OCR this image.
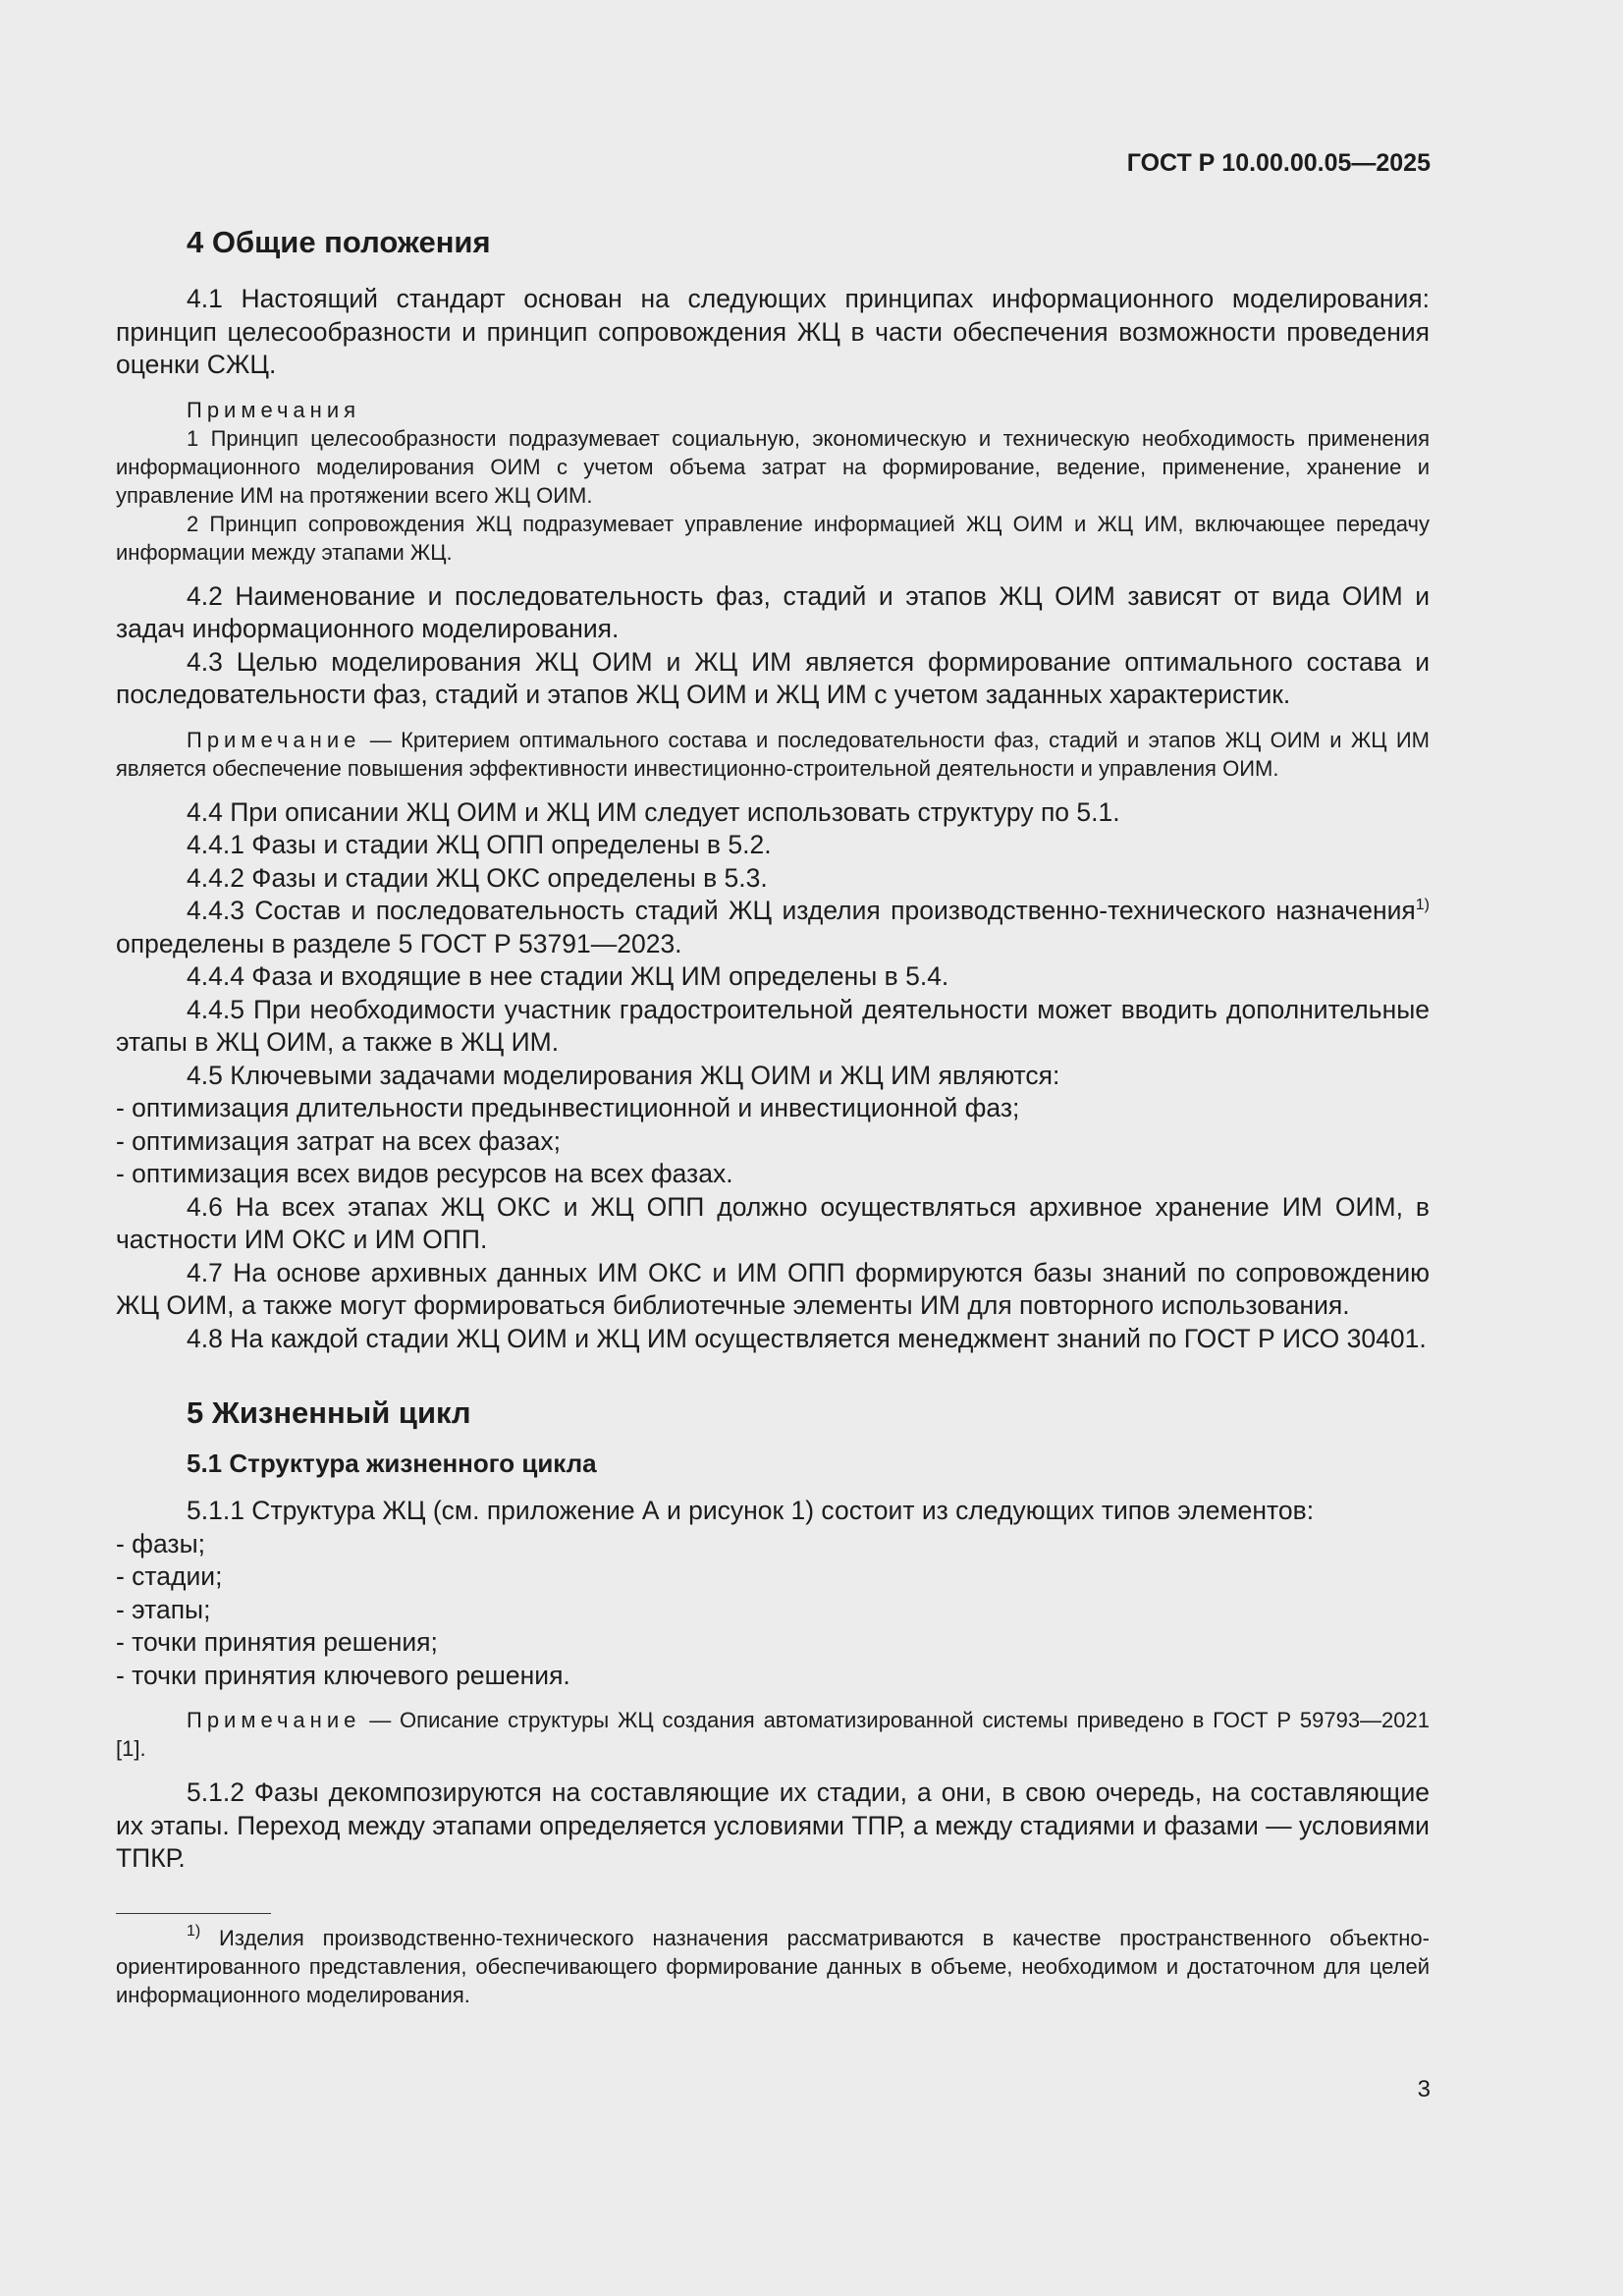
ГОСТ Р 10.00.00.05—2025
4 Общие положения

4.1 Настоящий стандарт основан на следующих принципах информационного моделирования: принцип целесообразности и принцип сопровождения ЖЦ в части обеспечения возможности проведения оценки СЖЦ.

Примечания

1 Принцип целесообразности подразумевает социальную, экономическую и техническую необходимость применения информационного моделирования ОИМ с учетом объема затрат на формирование, ведение, применение, хранение и управление ИМ на протяжении всего ЖЦ ОИМ.

2 Принцип сопровождения ЖЦ подразумевает управление информацией ЖЦ ОИМ и ЖЦ ИМ, включающее передачу информации между этапами ЖЦ.

4.2 Наименование и последовательность фаз, стадий и этапов ЖЦ ОИМ зависят от вида ОИМ и задач информационного моделирования.

4.3 Целью моделирования ЖЦ ОИМ и ЖЦ ИМ является формирование оптимального состава и последовательности фаз, стадий и этапов ЖЦ ОИМ и ЖЦ ИМ с учетом заданных характеристик.

Примечание — Критерием оптимального состава и последовательности фаз, стадий и этапов ЖЦ ОИМ и ЖЦ ИМ является обеспечение повышения эффективности инвестиционно-строительной деятельности и управления ОИМ.

4.4 При описании ЖЦ ОИМ и ЖЦ ИМ следует использовать структуру по 5.1.

4.4.1 Фазы и стадии ЖЦ ОПП определены в 5.2.

4.4.2 Фазы и стадии ЖЦ ОКС определены в 5.3.

4.4.3 Состав и последовательность стадий ЖЦ изделия производственно-технического назначения$^{1)}$ определены в разделе 5 ГОСТ Р 53791—2023.

4.4.4 Фаза и входящие в нее стадии ЖЦ ИМ определены в 5.4.

4.4.5 При необходимости участник градостроительной деятельности может вводить дополнительные этапы в ЖЦ ОИМ, а также в ЖЦ ИМ.

4.5 Ключевыми задачами моделирования ЖЦ ОИМ и ЖЦ ИМ являются:

- оптимизация длительности предынвестиционной и инвестиционной фаз;
- оптимизация затрат на всех фазах;
- оптимизация всех видов ресурсов на всех фазах.

4.6 На всех этапах ЖЦ ОКС и ЖЦ ОПП должно осуществляться архивное хранение ИМ ОИМ, в частности ИМ ОКС и ИМ ОПП.

4.7 На основе архивных данных ИМ ОКС и ИМ ОПП формируются базы знаний по сопровождению ЖЦ ОИМ, а также могут формироваться библиотечные элементы ИМ для повторного использования.

4.8 На каждой стадии ЖЦ ОИМ и ЖЦ ИМ осуществляется менеджмент знаний по ГОСТ Р ИСО 30401.

5 Жизненный цикл
5.1 Структура жизненного цикла

5.1.1 Структура ЖЦ (см. приложение А и рисунок 1) состоит из следующих типов элементов:

- фазы;
- стадии;
- этапы;
- точки принятия решения;
- точки принятия ключевого решения.

Примечание — Описание структуры ЖЦ создания автоматизированной системы приведено в ГОСТ Р 59793—2021 [1].

5.1.2 Фазы декомпозируются на составляющие их стадии, а они, в свою очередь, на составляющие их этапы. Переход между этапами определяется условиями ТПР, а между стадиями и фазами — условиями ТПКР.

$^{1)}$ Изделия производственно-технического назначения рассматриваются в качестве пространственного объектно-ориентированного представления, обеспечивающего формирование данных в объеме, необходимом и достаточном для целей информационного моделирования.

3
